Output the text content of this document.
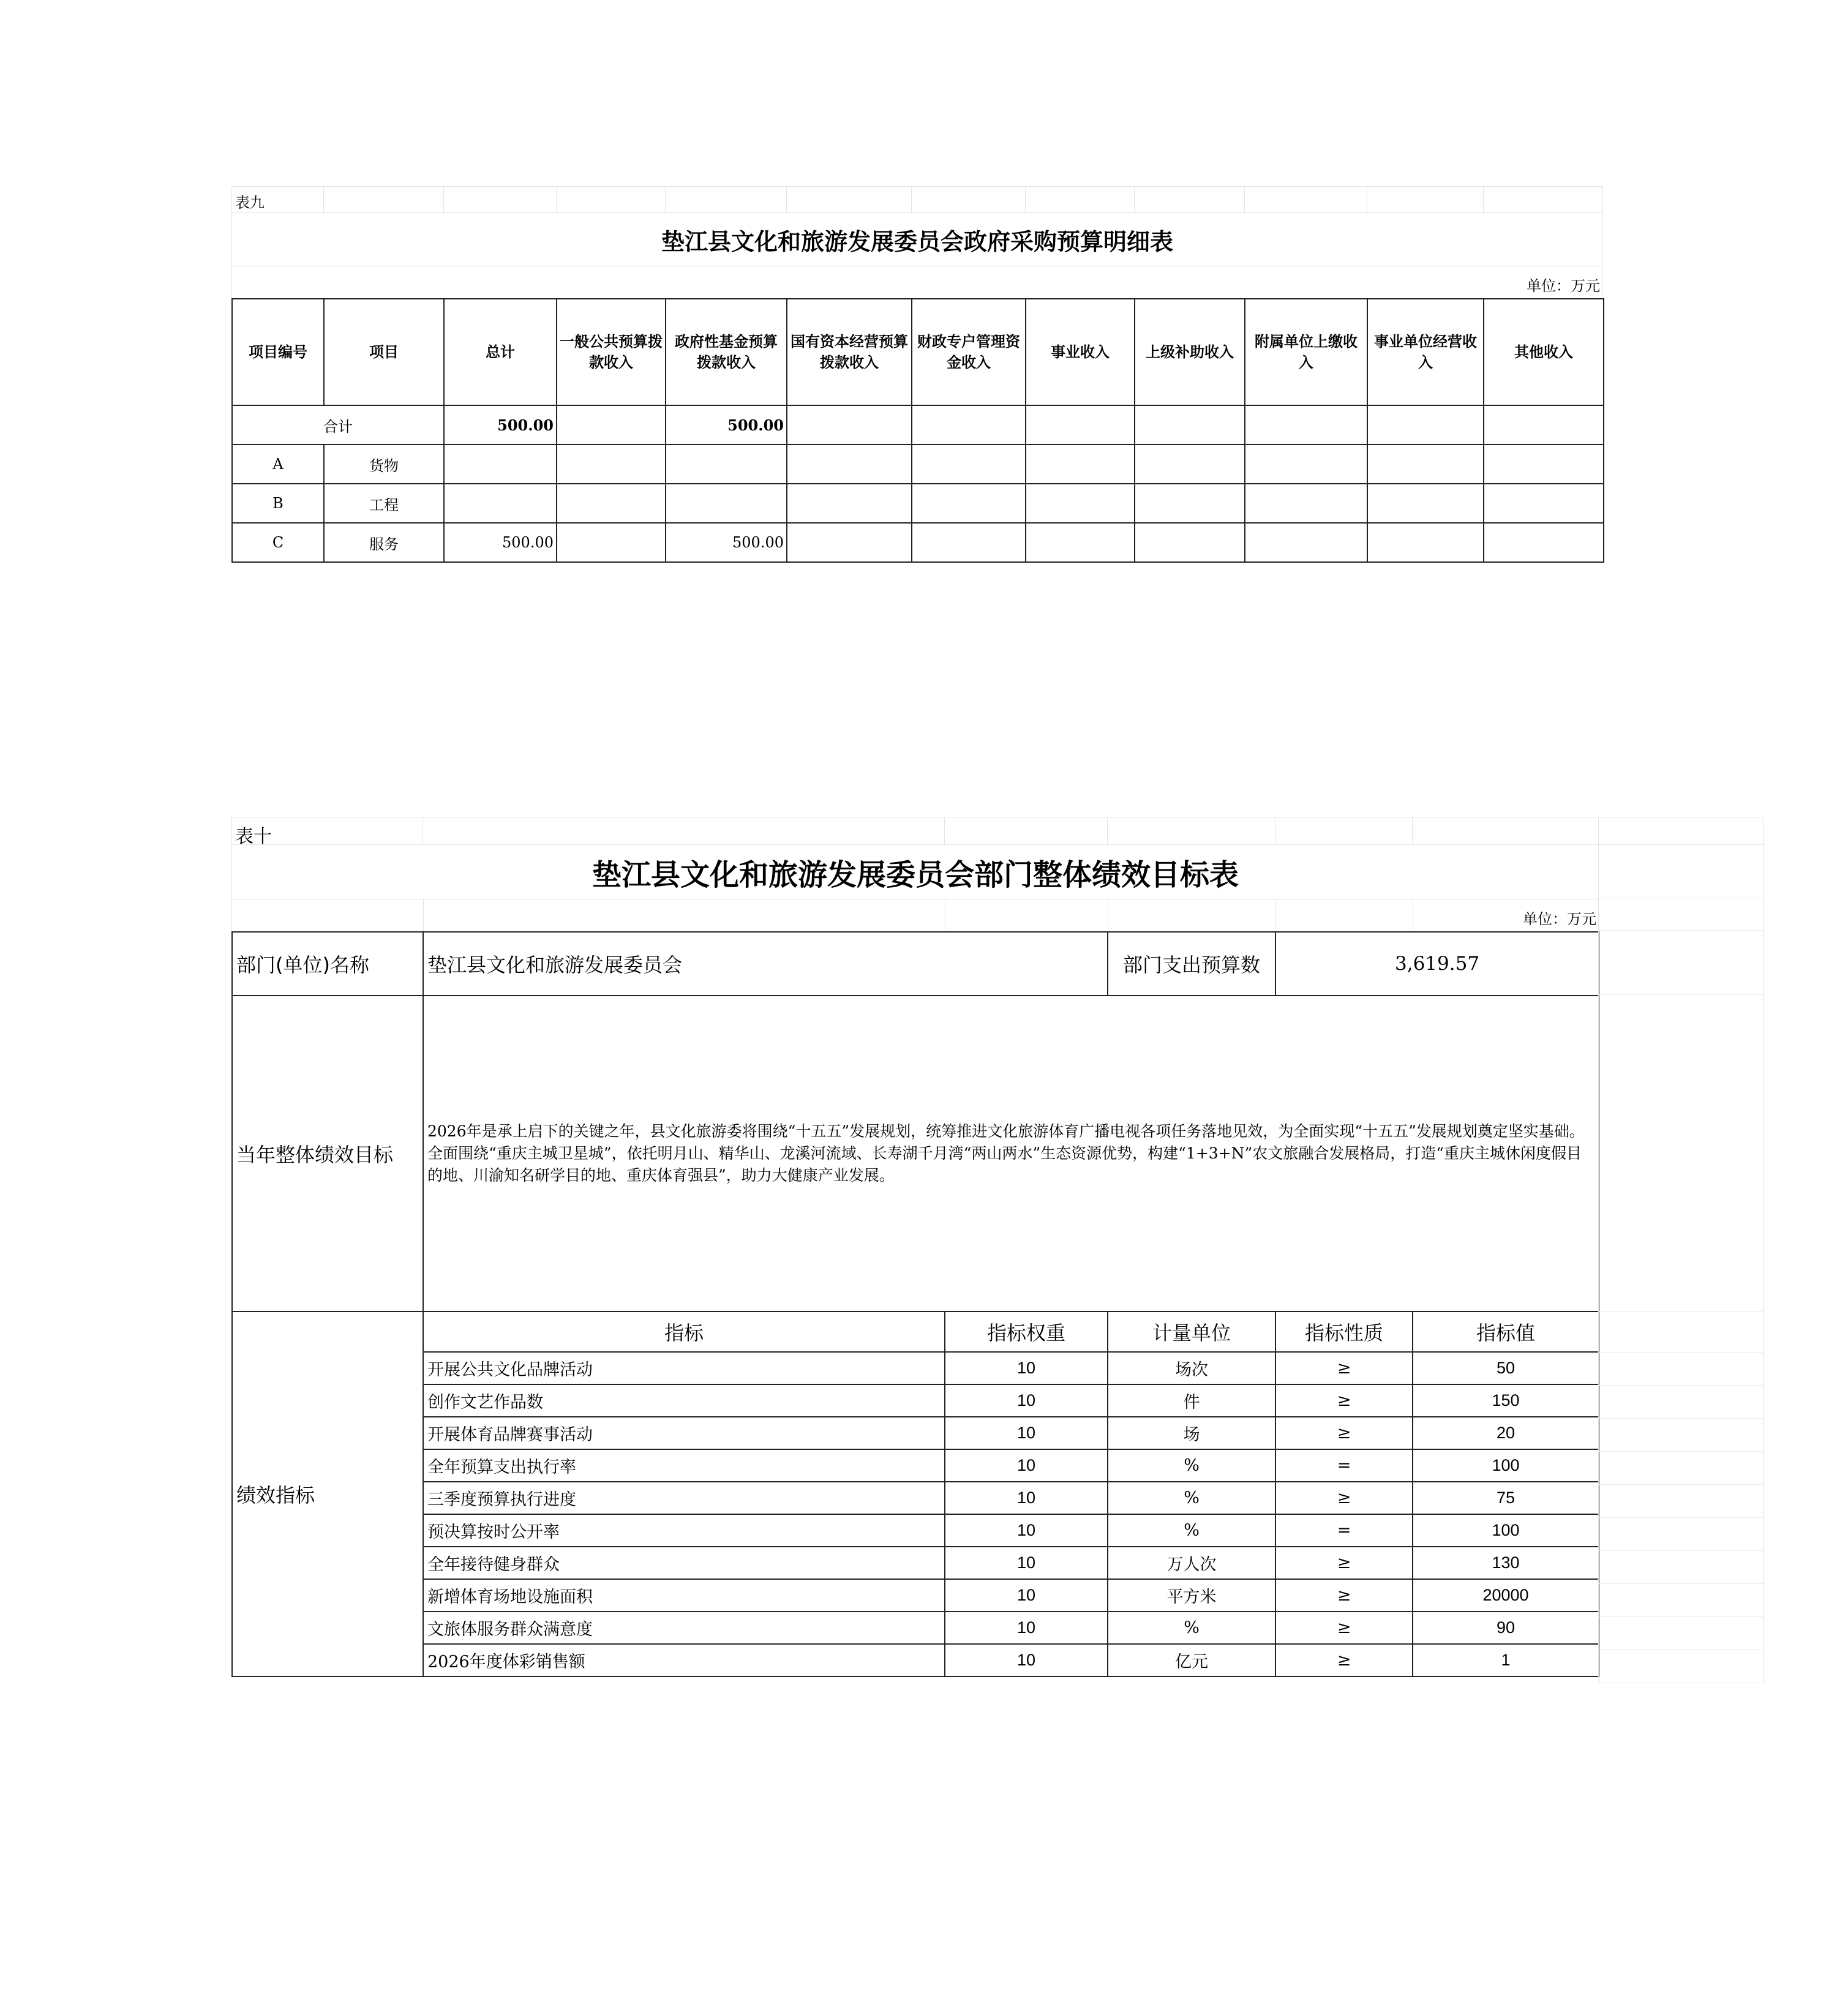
表九
垫江县文化和旅游发展委员会政府采购预算明细表
单位：万元
项目编号	项目	总计	一般公共预算拨款收入	政府性基金预算拨款收入	国有资本经营预算拨款收入	财政专户管理资金收入	事业收入	上级补助收入	附属单位上缴收入	事业单位经营收入	其他收入
合计		500.00		500.00							
A	货物										
B	工程										
C	服务	500.00		500.00							
表十
垫江县文化和旅游发展委员会部门整体绩效目标表
单位：万元
部门(单位)名称	垫江县文化和旅游发展委员会		部门支出预算数	3,619.57	
当年整体绩效目标	2026年是承上启下的关键之年，县文化旅游委将围绕“十五五”发展规划，统筹推进文化旅游体育广播电视各项任务落地见效，为全面实现“十五五”发展规划奠定坚实基础。全面围绕“重庆主城卫星城”，依托明月山、精华山、龙溪河流域、长寿湖千月湾“两山两水”生态资源优势，构建“1+3+N”农文旅融合发展格局，打造“重庆主城休闲度假目的地、川渝知名研学目的地、重庆体育强县”，助力大健康产业发展。				
绩效指标	指标	指标权重	计量单位	指标性质	指标值
	开展公共文化品牌活动	10	场次	≥	50
	创作文艺作品数	10	件	≥	150
	开展体育品牌赛事活动	10	场	≥	20
	全年预算支出执行率	10	%	=	100
	三季度预算执行进度	10	%	≥	75
	预决算按时公开率	10	%	=	100
	全年接待健身群众	10	万人次	≥	130
	新增体育场地设施面积	10	平方米	≥	20000
	文旅体服务群众满意度	10	%	≥	90
	2026年度体彩销售额	10	亿元	≥	1
